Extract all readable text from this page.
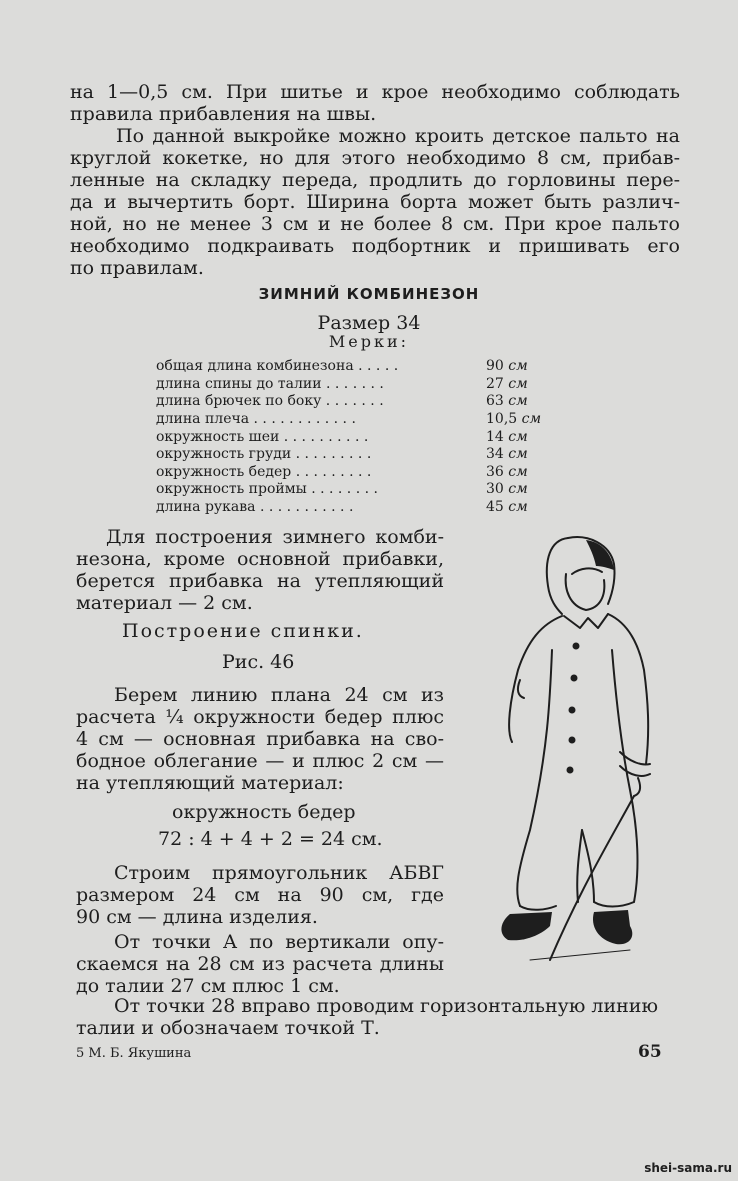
на 1—0,5 см. При шитье и крое необходимо соблюдать
правила прибавления на швы.
По данной выкройке можно кроить детское пальто на
круглой кокетке, но для этого необходимо 8 см, прибав-
ленные на складку переда, продлить до горловины пере-
да и вычертить борт. Ширина борта может быть различ-
ной, но не менее 3 см и не более 8 см. При крое пальто
необходимо подкраивать подбортник и пришивать его
по правилам.

ЗИМНИЙ КОМБИНЕЗОН

Размер 34

Мерки:

общая длина комбинезона . . . . .	90 см
длина спины до талии . . . . . . .	27 см
длина брючек по боку . . . . . . .	63 см
длина плеча . . . . . . . . . . . .	10,5 см
окружность шеи . . . . . . . . . .	14 см
окружность груди . . . . . . . . .	34 см
окружность бедер . . . . . . . . .	36 см
окружность проймы . . . . . . . .	30 см
длина рукава . . . . . . . . . . .	45 см
Для построения зимнего комби-
незона, кроме основной прибавки,
берется прибавка на утепляющий
материал — 2 см.

Построение спинки.

Рис. 46

Берем линию плана 24 см из
расчета ¼ окружности бедер плюс
4 см — основная прибавка на сво-
бодное облегание — и плюс 2 см —
на утепляющий материал:

окружность бедер

72 : 4 + 4 + 2 = 24 см.

Строим прямоугольник АБВГ
размером 24 см на 90 см, где
90 см — длина изделия.
От точки А по вертикали опу-
скаемся на 28 см из расчета длины
до талии 27 см плюс 1 см.
От точки 28 вправо проводим горизонтальную линию
талии и обозначаем точкой Т.
5 М. Б. Якушина	65
shei-sama.ru
